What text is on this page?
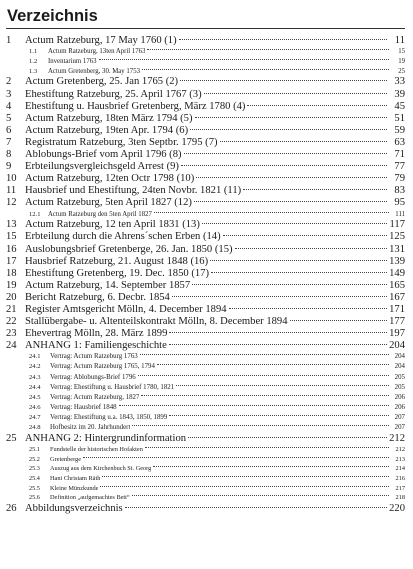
Verzeichnis
1	Actum Ratzeburg, 17 May 1760 (1)	11
1.1	Actum Ratzeburg, 13ten April 1763	15
1.2	Inventarium 1763	19
1.3	Actum Gretenberg, 30. May 1753	25
2	Actum Gretenberg, 25. Jan 1765 (2)	33
3	Ehestiftung Ratzeburg, 25. April 1767 (3)	39
4	Ehestiftung u. Hausbrief Gretenberg, März 1780 (4)	45
5	Actum Ratzeburg, 18ten März 1794 (5)	51
6	Actum Ratzeburg, 19ten Apr. 1794 (6)	59
7	Registratum Ratzeburg, 3ten Septbr. 1795 (7)	63
8	Ablobungs-Brief vom April 1796 (8)	71
9	Erbteilungsvergleichsgeld Arrest (9)	77
10 Actum Ratzeburg, 12ten Octr 1798 (10)	79
11 Hausbrief und Ehestiftung, 24ten Novbr. 1821 (11)	83
12 Actum Ratzeburg, 5ten April 1827 (12)	95
12.1	Actum Ratzeburg den 5ten April 1827	111
13 Actum Ratzeburg, 12 ten April 1831 (13)	117
15 Erbteilung durch die Ahrens´schen Erben (14)	125
16 Auslobungsbrief Gretenberge, 26. Jan. 1850 (15)	131
17 Hausbrief Ratzeburg, 21. August 1848 (16)	139
18 Ehestiftung Gretenberg, 19. Dec. 1850 (17)	149
19 Actum Ratzeburg, 14. September 1857	165
20 Bericht Ratzeburg, 6. Decbr. 1854	167
21 Register Amtsgericht Mölln, 4. December 1894	171
22 Stallübergabe- u. Altenteilskontrakt Mölln, 8. December 1894	177
23 Ehevertrag Mölln, 28. März 1899	197
24 ANHANG 1: Familiengeschichte	204
24.1	Vertrag: Actum Ratzeburg 1763	204
24.2	Vertrag: Actum Ratzeburg 1765, 1794	204
24.3	Vertrag: Ablobungs-Brief 1796	205
24.4	Vertrag: Ehestiftung u. Hausbrief 1780, 1821	205
24.5	Vertrag: Actum Ratzeburg, 1827	206
24.6	Vertrag: Hausbrief 1848	206
24.7	Vertrag: Ehestiftung u.a. 1843, 1850, 1899	207
24.8	Hofbesitz im 20. Jahrhundert	207
25 ANHANG 2: Hintergrundinformation	212
25.1	Fundstelle der historischen Hofakten	212
25.2	Gretenberge	213
25.3	Auszug aus dem Kirchenbuch St. Georg	214
25.4	Hani Christam Räth	216
25.5	Kleine Münzkunde	217
25.6	Definition „aufgemachtes Bett“	218
26 Abbildungsverzeichnis	220
